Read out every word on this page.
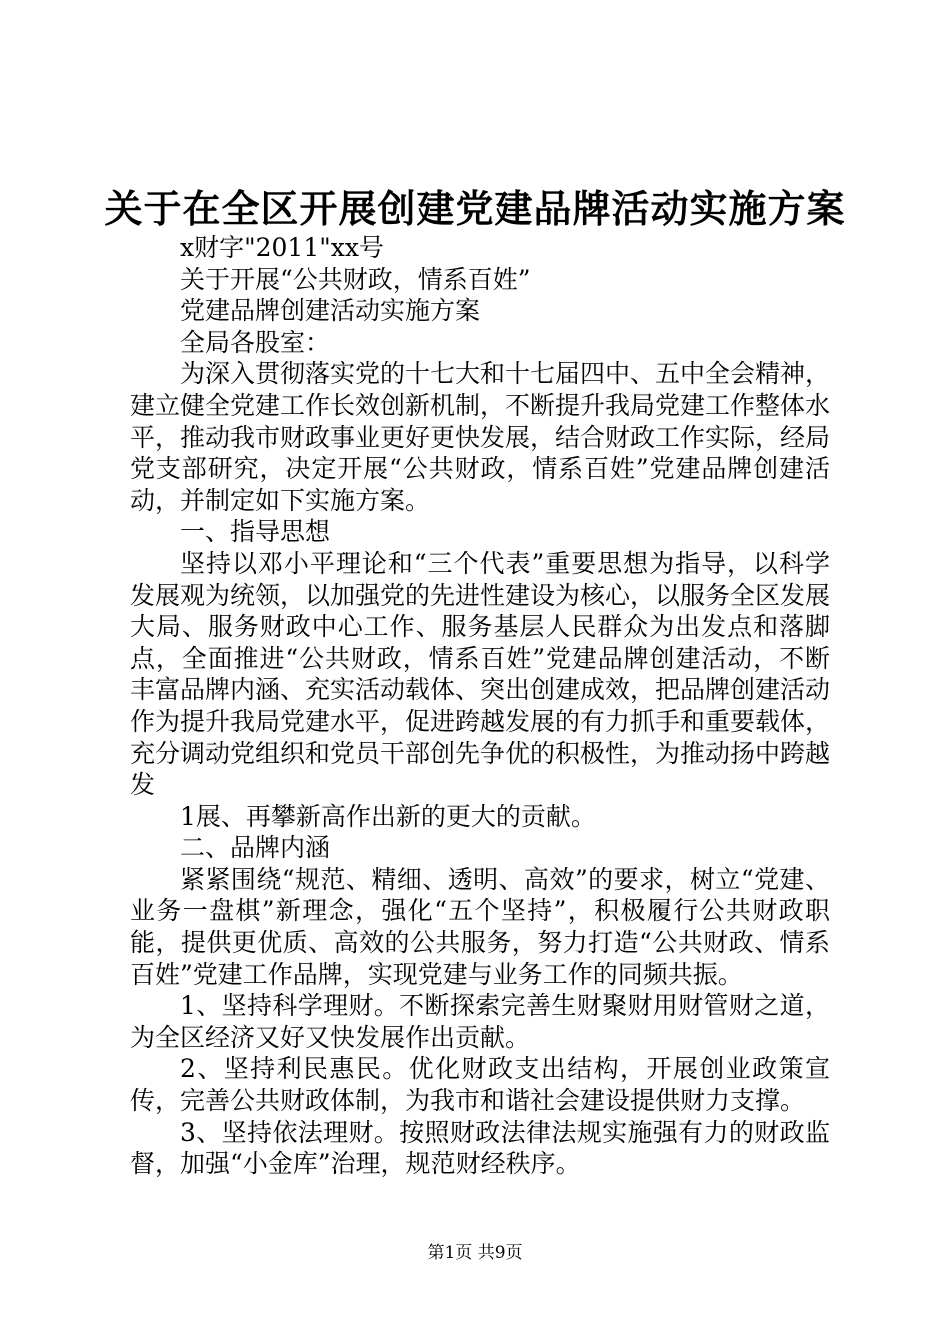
关于在全区开展创建党建品牌活动实施方案

x财字"2011"xx号

关于开展“公共财政，情系百姓”

党建品牌创建活动实施方案

全局各股室：

为深入贯彻落实党的十七大和十七届四中、五中全会精神，建立健全党建工作长效创新机制，不断提升我局党建工作整体水平，推动我市财政事业更好更快发展，结合财政工作实际，经局党支部研究，决定开展“公共财政，情系百姓”党建品牌创建活动，并制定如下实施方案。

一、指导思想

坚持以邓小平理论和“三个代表”重要思想为指导，以科学发展观为统领，以加强党的先进性建设为核心，以服务全区发展大局、服务财政中心工作、服务基层人民群众为出发点和落脚点，全面推进“公共财政，情系百姓”党建品牌创建活动，不断丰富品牌内涵、充实活动载体、突出创建成效，把品牌创建活动作为提升我局党建水平，促进跨越发展的有力抓手和重要载体，充分调动党组织和党员干部创先争优的积极性，为推动扬中跨越发

1展、再攀新高作出新的更大的贡献。

二、品牌内涵

紧紧围绕“规范、精细、透明、高效”的要求，树立“党建、业务一盘棋”新理念，强化“五个坚持”，积极履行公共财政职能，提供更优质、高效的公共服务，努力打造“公共财政、情系百姓”党建工作品牌，实现党建与业务工作的同频共振。

1、坚持科学理财。不断探索完善生财聚财用财管财之道，为全区经济又好又快发展作出贡献。

2、坚持利民惠民。优化财政支出结构，开展创业政策宣传，完善公共财政体制，为我市和谐社会建设提供财力支撑。

3、坚持依法理财。按照财政法律法规实施强有力的财政监督，加强“小金库”治理，规范财经秩序。

第1页 共9页
